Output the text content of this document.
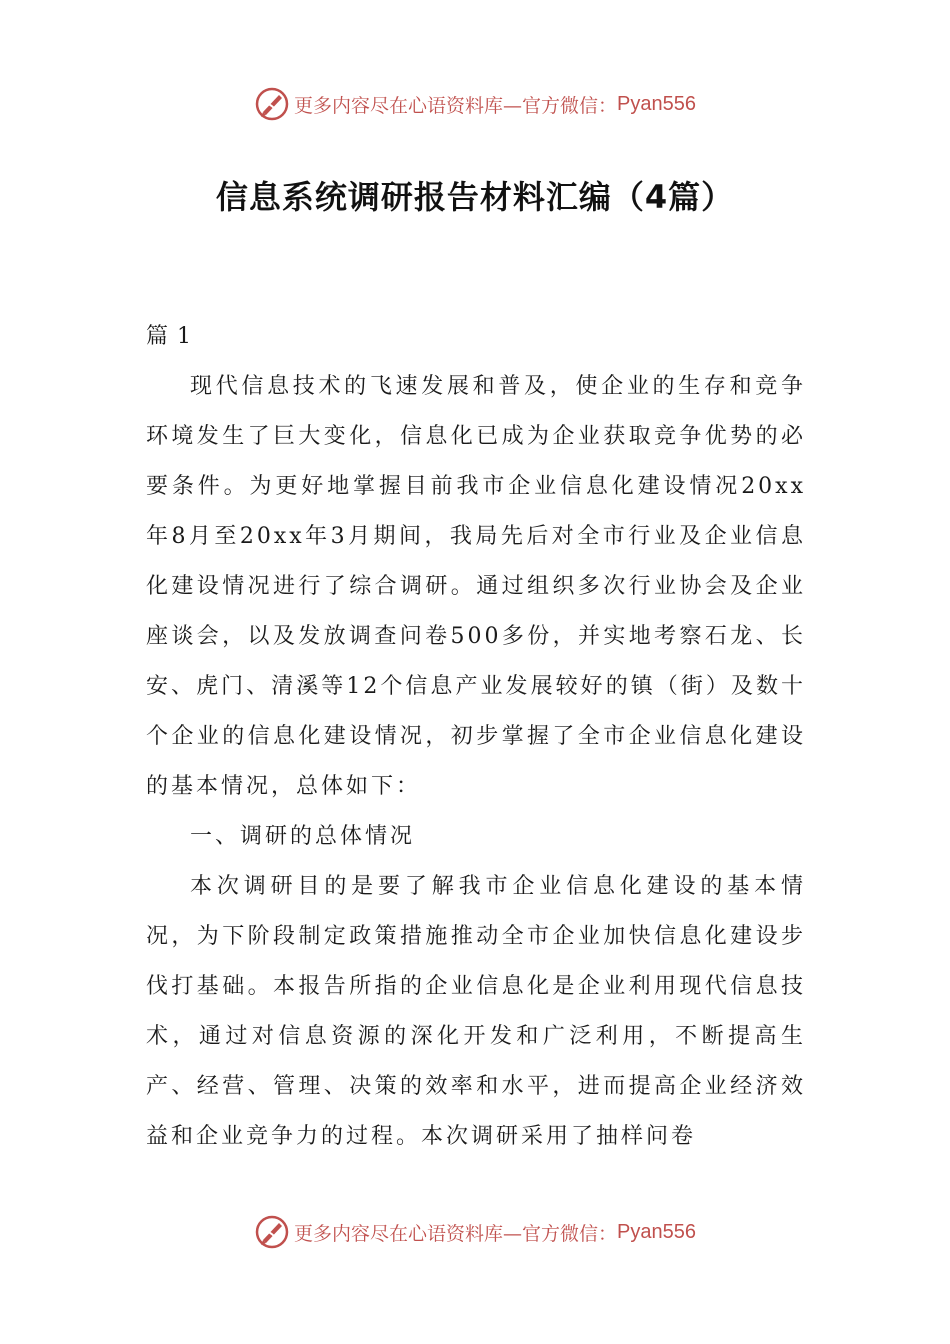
更多内容尽在心语资料库—官方微信： Pyan556
信息系统调研报告材料汇编（4篇）

篇 1

现代信息技术的飞速发展和普及，使企业的生存和竞争环境发生了巨大变化，信息化已成为企业获取竞争优势的必要条件。为更好地掌握目前我市企业信息化建设情况20xx年8月至20xx年3月期间，我局先后对全市行业及企业信息化建设情况进行了综合调研。通过组织多次行业协会及企业座谈会，以及发放调查问卷500多份，并实地考察石龙、长安、虎门、清溪等12个信息产业发展较好的镇（街）及数十个企业的信息化建设情况，初步掌握了全市企业信息化建设的基本情况，总体如下：

一、调研的总体情况

本次调研目的是要了解我市企业信息化建设的基本情况，为下阶段制定政策措施推动全市企业加快信息化建设步伐打基础。本报告所指的企业信息化是企业利用现代信息技术，通过对信息资源的深化开发和广泛利用，不断提高生产、经营、管理、决策的效率和水平，进而提高企业经济效益和企业竞争力的过程。本次调研采用了抽样问卷

更多内容尽在心语资料库—官方微信： Pyan556
